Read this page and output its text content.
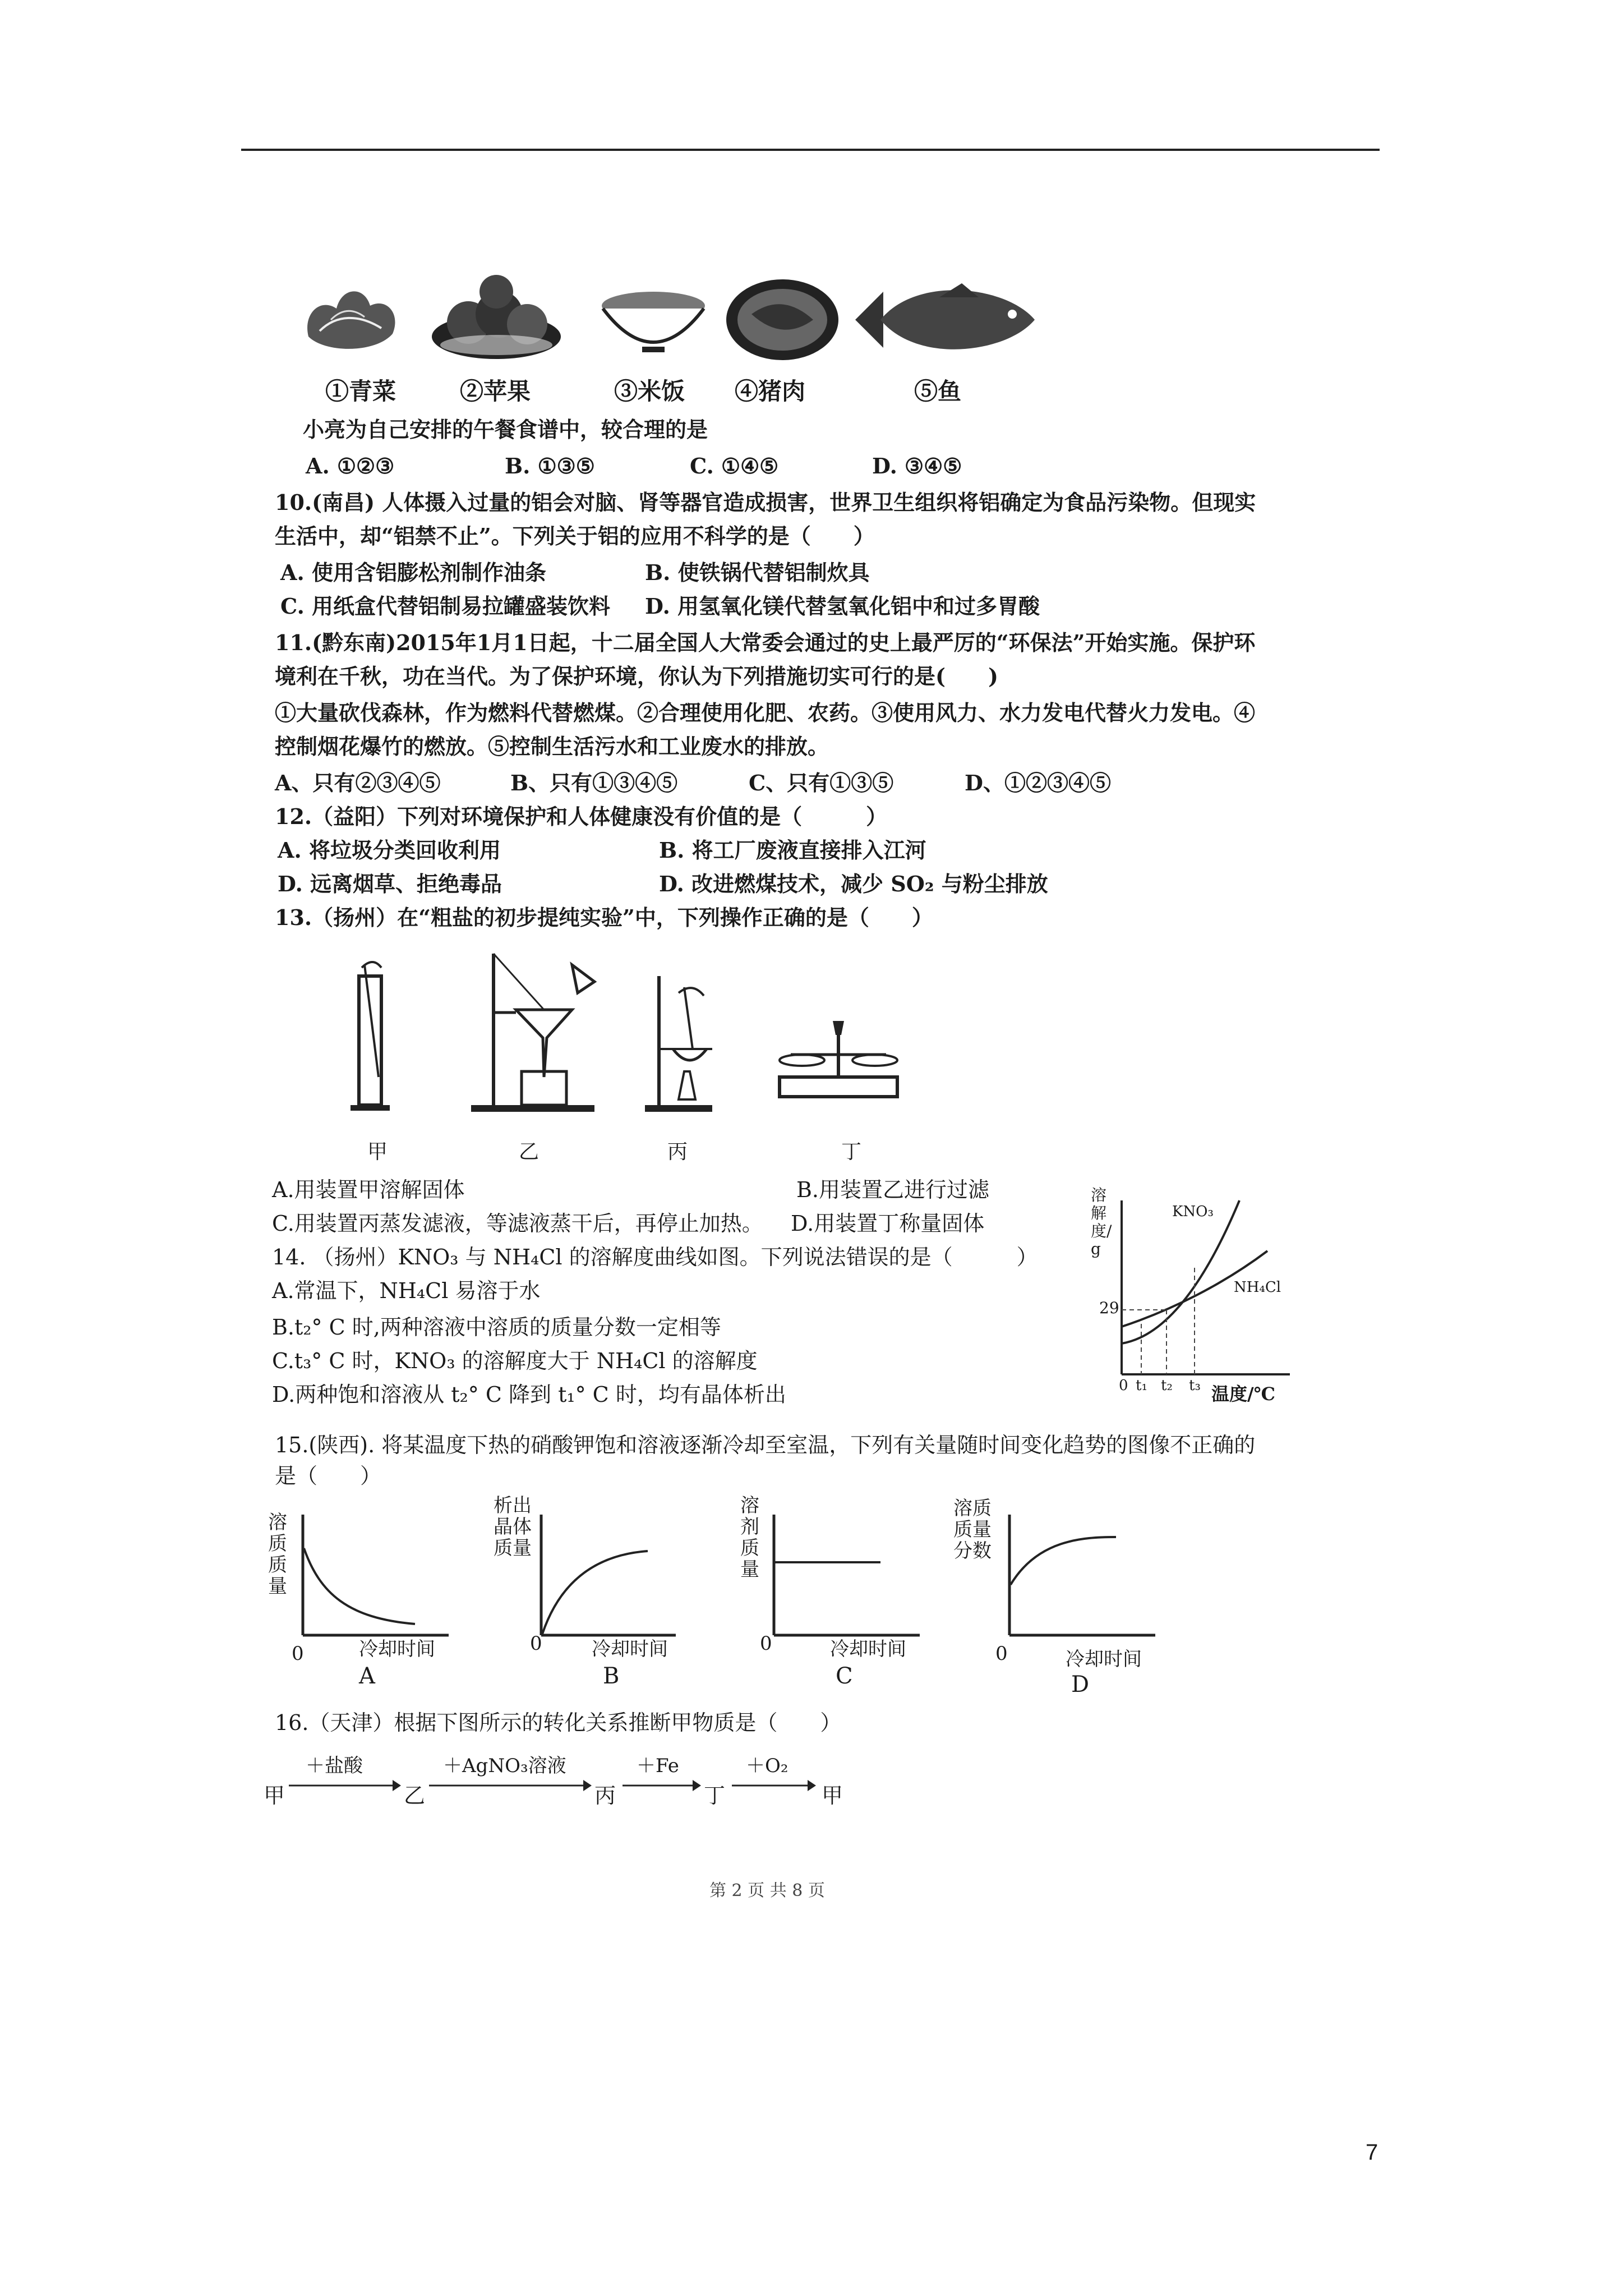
①青菜	②苹果	③米饭 ④猪肉	⑤鱼
小亮为自己安排的午餐食谱中，较合理的是
A. ①②③	B. ①③⑤	C. ①④⑤	D. ③④⑤
10.(南昌) 人体摄入过量的铝会对脑、肾等器官造成损害，世界卫生组织将铝确定为食品污染物。但现实
生活中，却“铝禁不止”。下列关于铝的应用不科学的是（　　）
A. 使用含铝膨松剂制作油条	B. 使铁锅代替铝制炊具
C. 用纸盒代替铝制易拉罐盛装饮料 D. 用氢氧化镁代替氢氧化铝中和过多胃酸
11.(黔东南)2015年1月1日起，十二届全国人大常委会通过的史上最严厉的“环保法”开始实施。保护环
境利在千秋，功在当代。为了保护环境，你认为下列措施切实可行的是(　　)
①大量砍伐森林，作为燃料代替燃煤。②合理使用化肥、农药。③使用风力、水力发电代替火力发电。④
控制烟花爆竹的燃放。⑤控制生活污水和工业废水的排放。
A、只有②③④⑤	B、只有①③④⑤	C、只有①③⑤	D、①②③④⑤
12.（益阳）下列对环境保护和人体健康没有价值的是（　　　）
A. 将垃圾分类回收利用	B. 将工厂废液直接排入江河
D. 远离烟草、拒绝毒品	D. 改进燃煤技术，减少 SO₂ 与粉尘排放
13.（扬州）在“粗盐的初步提纯实验”中，下列操作正确的是（　　）
甲	乙	丙	丁
A.用装置甲溶解固体	B.用装置乙进行过滤
C.用装置丙蒸发滤液，等滤液蒸干后，再停止加热。 D.用装置丁称量固体
14. （扬州）KNO₃ 与 NH₄Cl 的溶解度曲线如图。下列说法错误的是（　　　）
A.常温下，NH₄Cl 易溶于水
B.t₂° C 时,两种溶液中溶质的质量分数一定相等
C.t₃° C 时，KNO₃ 的溶解度大于 NH₄Cl 的溶解度
D.两种饱和溶液从 t₂° C 降到 t₁° C 时，均有晶体析出
溶解度/g
温度/℃
29
0 t₁ t₂ t₃
KNO₃
NH₄Cl
15.(陕西). 将某温度下热的硝酸钾饱和溶液逐渐冷却至室温，下列有关量随时间变化趋势的图像不正确的
是（　　）
溶质质量
0	冷却时间
A
析出晶体质量
0	冷却时间
B
溶剂质量
0	冷却时间
C
溶质质量分数
0	冷却时间
D
16.（天津）根据下图所示的转化关系推断甲物质是（　　）
甲
＋盐酸
乙
＋AgNO₃溶液
丙
＋Fe
丁
＋O₂
甲
第 2 页 共 8 页
7
